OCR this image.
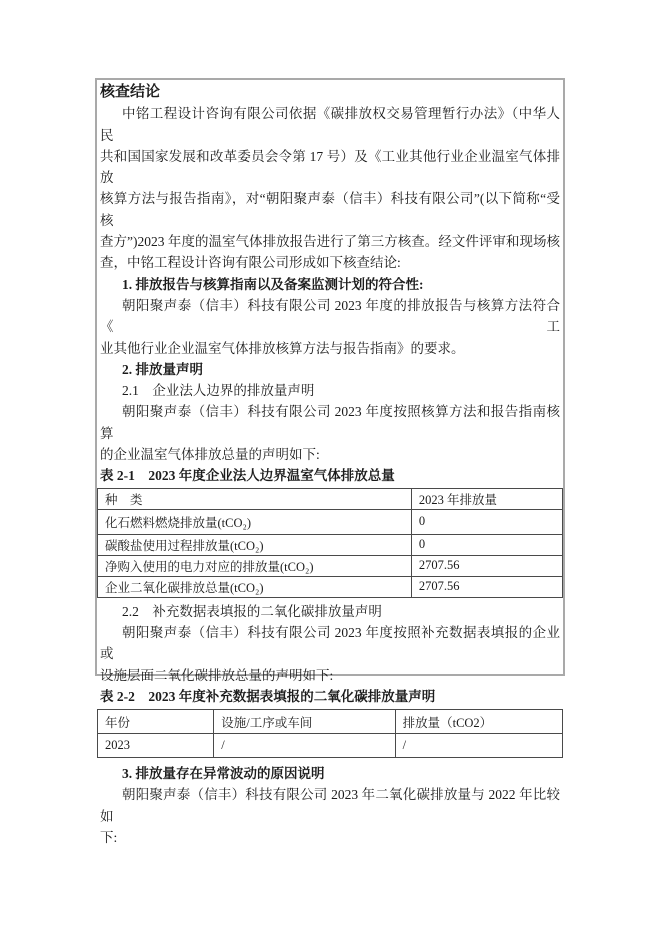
核查结论
中铭工程设计咨询有限公司依据《碳排放权交易管理暂行办法》（中华人民
共和国国家发展和改革委员会令第 17 号）及《工业其他行业企业温室气体排放
核算方法与报告指南》，对“朝阳聚声泰（信丰）科技有限公司”(以下简称“受核
查方”)2023 年度的温室气体排放报告进行了第三方核查。经文件评审和现场核
查，中铭工程设计咨询有限公司形成如下核查结论:
1. 排放报告与核算指南以及备案监测计划的符合性:
朝阳聚声泰（信丰）科技有限公司 2023 年度的排放报告与核算方法符合《工
业其他行业企业温室气体排放核算方法与报告指南》的要求。
2. 排放量声明
2.1　企业法人边界的排放量声明
朝阳聚声泰（信丰）科技有限公司 2023 年度按照核算方法和报告指南核算
的企业温室气体排放总量的声明如下:
表 2-1　2023 年度企业法人边界温室气体排放总量
种　类	2023 年排放量
化石燃料燃烧排放量(tCO₂)	0
碳酸盐使用过程排放量(tCO₂)	0
净购入使用的电力对应的排放量(tCO₂)	2707.56
企业二氧化碳排放总量(tCO₂)	2707.56
2.2　补充数据表填报的二氧化碳排放量声明
朝阳聚声泰（信丰）科技有限公司 2023 年度按照补充数据表填报的企业或
设施层面二氧化碳排放总量的声明如下:
表 2-2　2023 年度补充数据表填报的二氧化碳排放量声明
年份	设施/工序或车间	排放量（tCO2）
2023	/	/
3. 排放量存在异常波动的原因说明
朝阳聚声泰（信丰）科技有限公司 2023 年二氧化碳排放量与 2022 年比较如
下:
